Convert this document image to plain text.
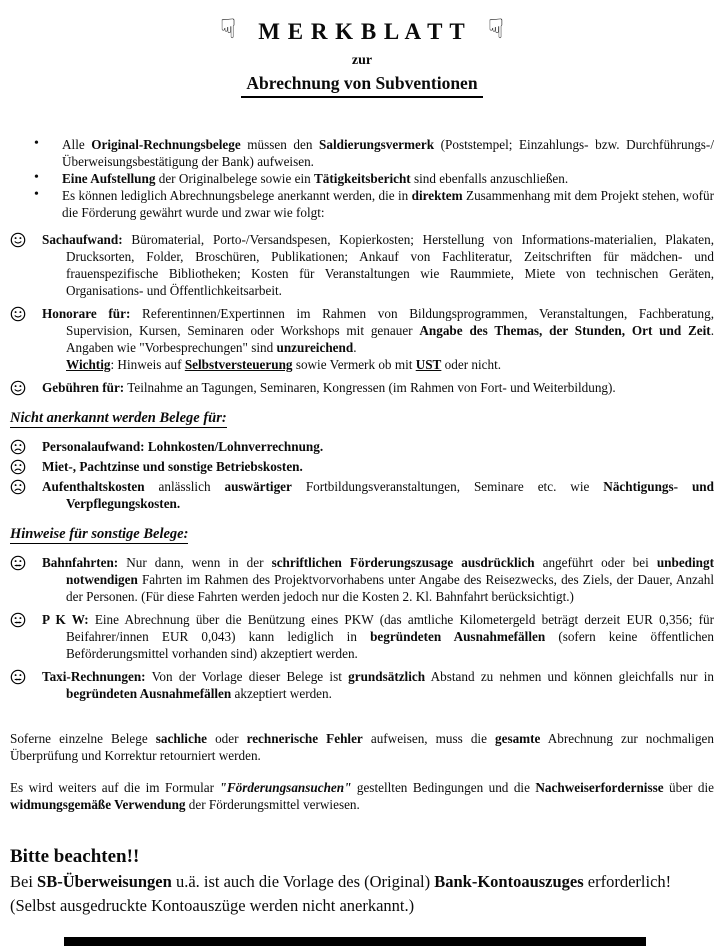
☟ M E R K B L A T T ☟
zur
Abrechnung von Subventionen
• Alle Original-Rechnungsbelege müssen den Saldierungsvermerk (Poststempel; Einzahlungs- bzw. Durchführungs-/Überweisungsbestätigung der Bank) aufweisen.
• Eine Aufstellung der Originalbelege sowie ein Tätigkeitsbericht sind ebenfalls anzuschließen.
• Es können lediglich Abrechnungsbelege anerkannt werden, die in direktem Zusammenhang mit dem Projekt stehen, wofür die Förderung gewährt wurde und zwar wie folgt:
Sachaufwand: Büromaterial, Porto-/Versandspesen, Kopierkosten; Herstellung von Informations-materialien, Plakaten, Drucksorten, Folder, Broschüren, Publikationen; Ankauf von Fachliteratur, Zeitschriften für mädchen- und frauenspezifische Bibliotheken; Kosten für Veranstaltungen wie Raummiete, Miete von technischen Geräten, Organisations- und Öffentlichkeitsarbeit.
Honorare für: Referentinnen/Expertinnen im Rahmen von Bildungsprogrammen, Veranstaltungen, Fachberatung, Supervision, Kursen, Seminaren oder Workshops mit genauer Angabe des Themas, der Stunden, Ort und Zeit. Angaben wie "Vorbesprechungen" sind unzureichend.
Wichtig: Hinweis auf Selbstversteuerung sowie Vermerk ob mit UST oder nicht.
Gebühren für: Teilnahme an Tagungen, Seminaren, Kongressen (im Rahmen von Fort- und Weiterbildung).
Nicht anerkannt werden Belege für:
Personalaufwand: Lohnkosten/Lohnverrechnung.
Miet-, Pachtzinse und sonstige Betriebskosten.
Aufenthaltskosten anlässlich auswärtiger Fortbildungsveranstaltungen, Seminare etc. wie Nächtigungs- und Verpflegungskosten.
Hinweise für sonstige Belege:
Bahnfahrten: Nur dann, wenn in der schriftlichen Förderungszusage ausdrücklich angeführt oder bei unbedingt notwendigen Fahrten im Rahmen des Projektvorvorhabens unter Angabe des Reisezwecks, des Ziels, der Dauer, Anzahl der Personen. (Für diese Fahrten werden jedoch nur die Kosten 2. Kl. Bahnfahrt berücksichtigt.)
P K W: Eine Abrechnung über die Benützung eines PKW (das amtliche Kilometergeld beträgt derzeit EUR 0,356; für Beifahrer/innen EUR 0,043) kann lediglich in begründeten Ausnahmefällen (sofern keine öffentlichen Beförderungsmittel vorhanden sind) akzeptiert werden.
Taxi-Rechnungen: Von der Vorlage dieser Belege ist grundsätzlich Abstand zu nehmen und können gleichfalls nur in begründeten Ausnahmefällen akzeptiert werden.

Soferne einzelne Belege sachliche oder rechnerische Fehler aufweisen, muss die gesamte Abrechnung zur nochmaligen Überprüfung und Korrektur retourniert werden.

Es wird weiters auf die im Formular "Förderungsansuchen" gestellten Bedingungen und die Nachweiserfordernisse über die widmungsgemäße Verwendung der Förderungsmittel verwiesen.

Bitte beachten!!
Bei SB-Überweisungen u.ä. ist auch die Vorlage des (Original) Bank-Kontoauszuges erforderlich! (Selbst ausgedruckte Kontoauszüge werden nicht anerkannt.)
